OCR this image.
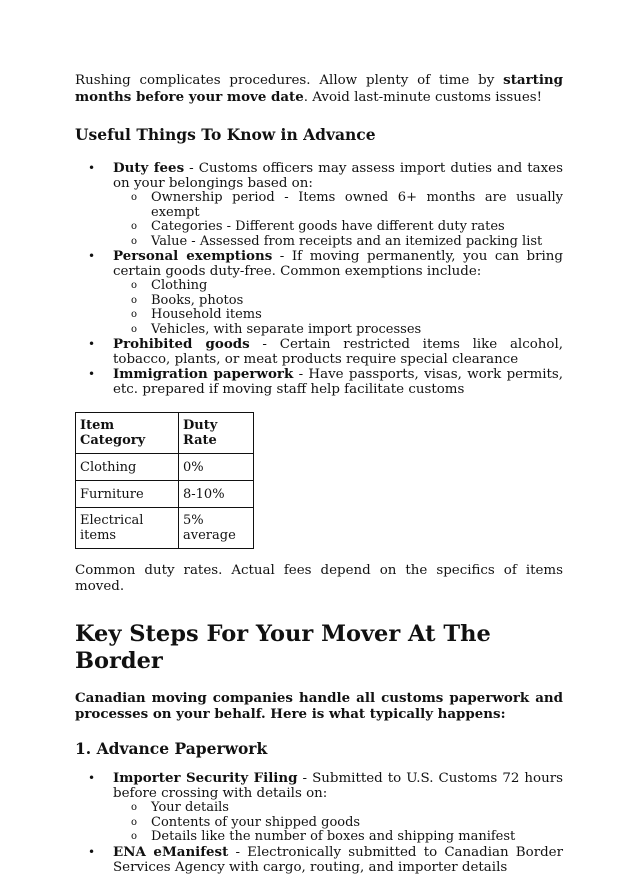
Rushing complicates procedures. Allow plenty of time by starting months before your move date. Avoid last-minute customs issues!

Useful Things To Know in Advance
• Duty fees - Customs officers may assess import duties and taxes on your belongings based on:
o Ownership period - Items owned 6+ months are usually exempt
o Categories - Different goods have different duty rates
o Value - Assessed from receipts and an itemized packing list
• Personal exemptions - If moving permanently, you can bring certain goods duty-free. Common exemptions include:
o Clothing
o Books, photos
o Household items
o Vehicles, with separate import processes
• Prohibited goods - Certain restricted items like alcohol, tobacco, plants, or meat products require special clearance
• Immigration paperwork - Have passports, visas, work permits, etc. prepared if moving staff help facilitate customs
Item Category	Duty Rate
Clothing	0%
Furniture	8-10%
Electrical items	5% average

Common duty rates. Actual fees depend on the specifics of items moved.

Key Steps For Your Mover At The Border

Canadian moving companies handle all customs paperwork and processes on your behalf. Here is what typically happens:

1. Advance Paperwork
• Importer Security Filing - Submitted to U.S. Customs 72 hours before crossing with details on:
o Your details
o Contents of your shipped goods
o Details like the number of boxes and shipping manifest
• ENA eManifest - Electronically submitted to Canadian Border Services Agency with cargo, routing, and importer details
